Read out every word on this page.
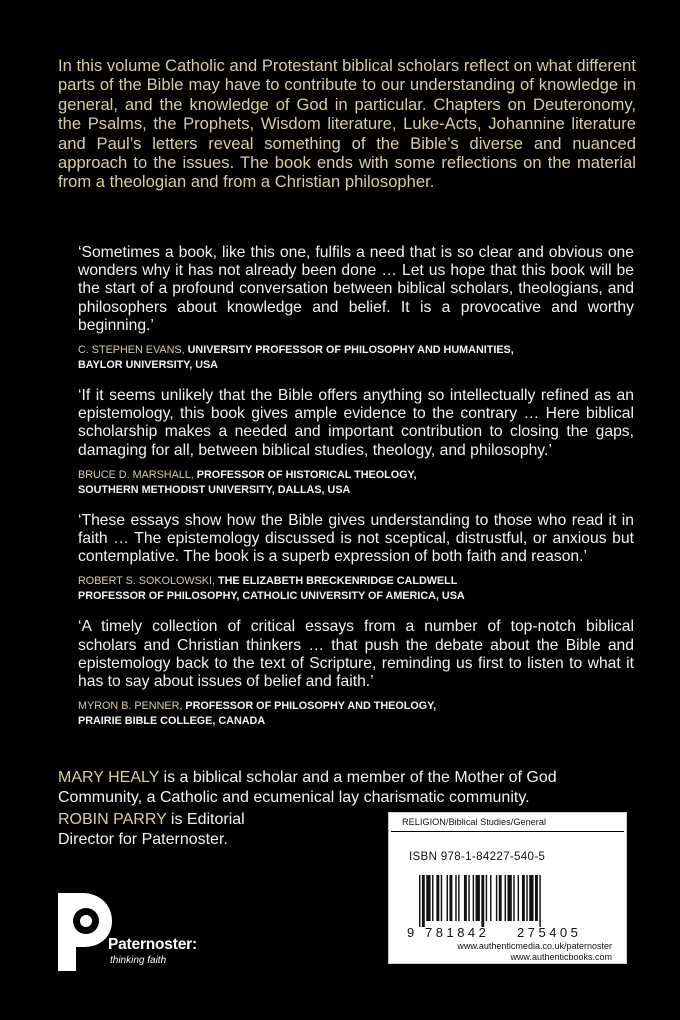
In this volume Catholic and Protestant biblical scholars reflect on what different parts of the Bible may have to contribute to our understanding of knowledge in general, and the knowledge of God in particular. Chapters on Deuteronomy, the Psalms, the Prophets, Wisdom literature, Luke-Acts, Johannine literature and Paul’s letters reveal something of the Bible’s diverse and nuanced approach to the issues. The book ends with some reflections on the material from a theologian and from a Christian philosopher.

‘Sometimes a book, like this one, fulfils a need that is so clear and obvious one wonders why it has not already been done … Let us hope that this book will be the start of a profound conversation between biblical scholars, theologians, and philosophers about knowledge and belief. It is a provocative and worthy beginning.’

C. STEPHEN EVANS, UNIVERSITY PROFESSOR OF PHILOSOPHY AND HUMANITIES,
BAYLOR UNIVERSITY, USA

‘If it seems unlikely that the Bible offers anything so intellectually refined as an epistemology, this book gives ample evidence to the contrary … Here biblical scholarship makes a needed and important contribution to closing the gaps, damaging for all, between biblical studies, theology, and philosophy.’

BRUCE D. MARSHALL, PROFESSOR OF HISTORICAL THEOLOGY,
SOUTHERN METHODIST UNIVERSITY, DALLAS, USA

‘These essays show how the Bible gives understanding to those who read it in faith … The epistemology discussed is not sceptical, distrustful, or anxious but contemplative. The book is a superb expression of both faith and reason.’

ROBERT S. SOKOLOWSKI, THE ELIZABETH BRECKENRIDGE CALDWELL
PROFESSOR OF PHILOSOPHY, CATHOLIC UNIVERSITY OF AMERICA, USA

‘A timely collection of critical essays from a number of top-notch biblical scholars and Christian thinkers … that push the debate about the Bible and epistemology back to the text of Scripture, reminding us first to listen to what it has to say about issues of belief and faith.’

MYRON B. PENNER, PROFESSOR OF PHILOSOPHY AND THEOLOGY,
PRAIRIE BIBLE COLLEGE, CANADA

MARY HEALY is a biblical scholar and a member of the Mother of God Community, a Catholic and ecumenical lay charismatic community.
ROBIN PARRY is Editorial Director for Paternoster.
RELIGION/Biblical Studies/General
ISBN 978-1-84227-540-5
9 781842 275405
www.authenticmedia.co.uk/paternoster
www.authenticbooks.com
Paternoster:
thinking faith
